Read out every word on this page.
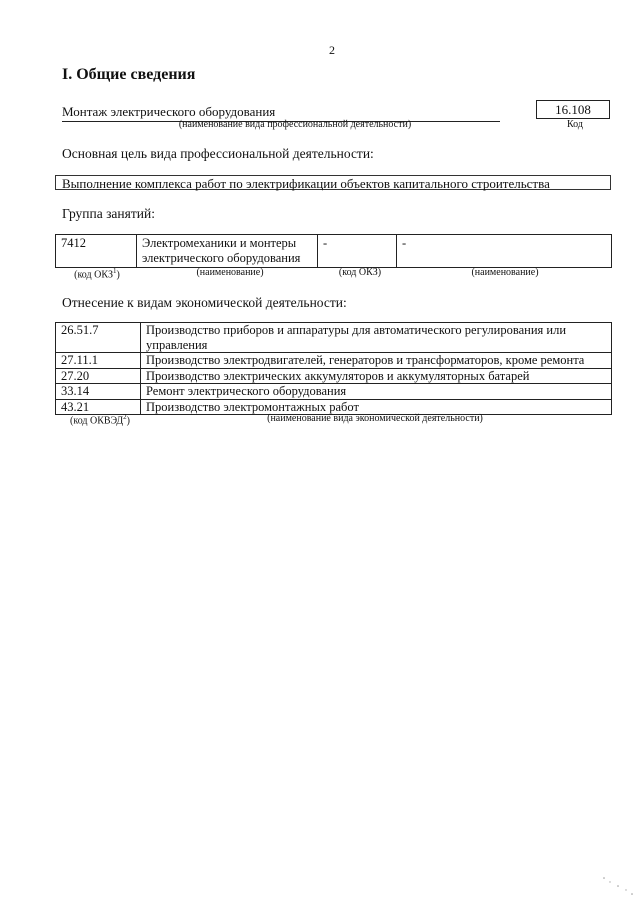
2
I. Общие сведения
Монтаж электрического оборудования	16.108
(наименование вида профессиональной деятельности)	Код
Основная цель вида профессиональной деятельности:
Выполнение комплекса работ по электрификации объектов капитального строительства
Группа занятий:
7412	Электромеханики и монтеры электрического оборудования	-	-
(код ОКЗ$^1$)	(наименование)	(код ОКЗ)	(наименование)
Отнесение к видам экономической деятельности:
26.51.7	Производство приборов и аппаратуры для автоматического регулирования или управления
27.11.1	Производство электродвигателей, генераторов и трансформаторов, кроме ремонта
27.20	Производство электрических аккумуляторов и аккумуляторных батарей
33.14	Ремонт электрического оборудования
43.21	Производство электромонтажных работ
(код ОКВЭД$^2$)	(наименование вида экономической деятельности)
